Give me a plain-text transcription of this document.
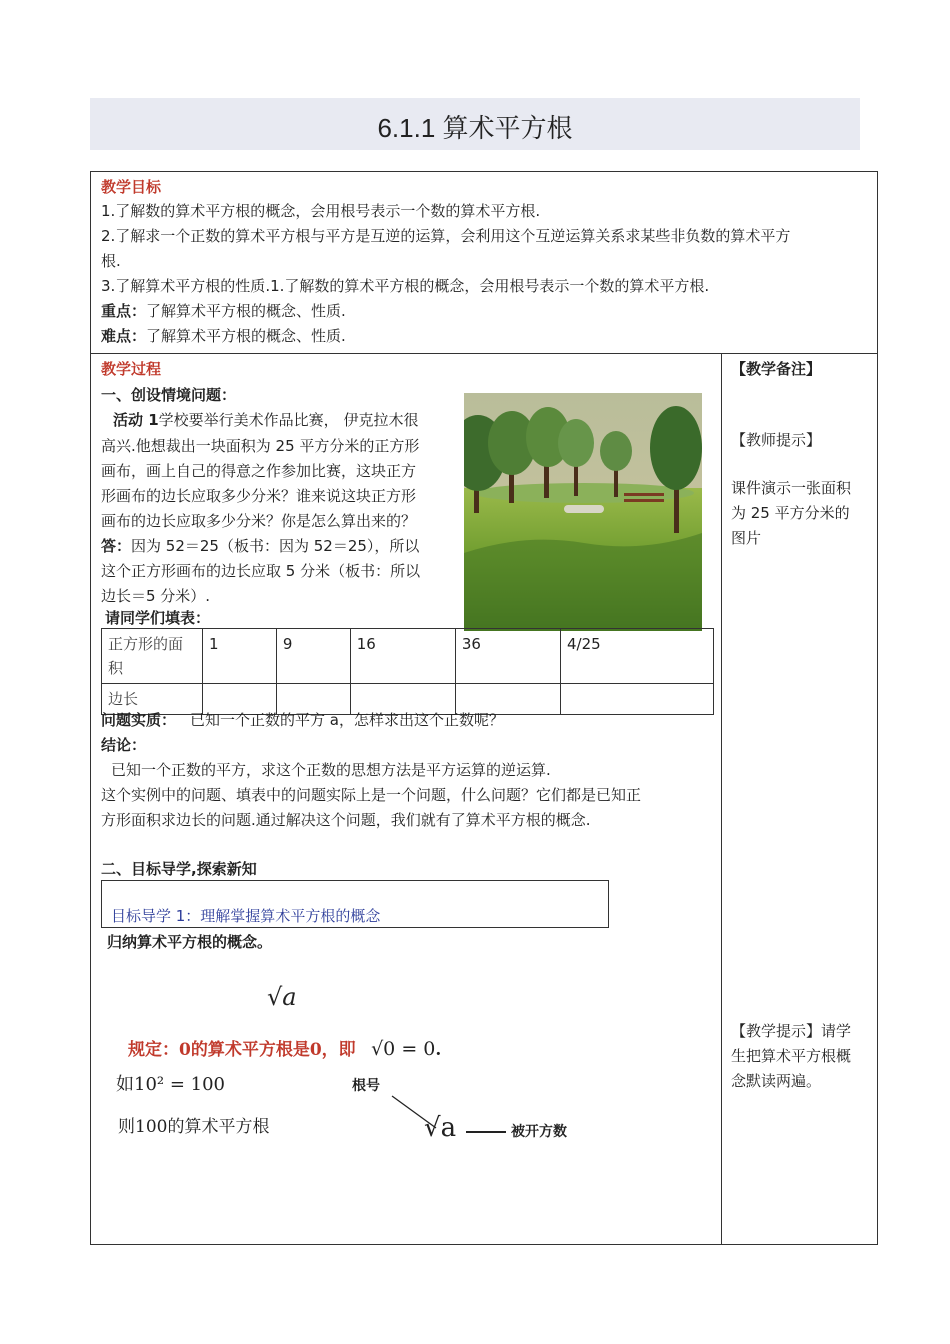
6.1.1 算术平方根
教学目标
1.了解数的算术平方根的概念，会用根号表示一个数的算术平方根.
2.了解求一个正数的算术平方根与平方是互逆的运算，会利用这个互逆运算关系求某些非负数的算术平方
根.
3.了解算术平方根的性质.1.了解数的算术平方根的概念，会用根号表示一个数的算术平方根.
重点：了解算术平方根的概念、性质.
难点：了解算术平方根的概念、性质.
教学过程
一、创设情境问题：
活动 1学校要举行美术作品比赛， 伊克拉木很
高兴.他想裁出一块面积为 25 平方分米的正方形
画布，画上自己的得意之作参加比赛，这块正方
形画布的边长应取多少分米？谁来说这块正方形
画布的边长应取多少分米？你是怎么算出来的？
答：因为 52＝25（板书：因为 52＝25），所以
这个正方形画布的边长应取 5 分米（板书：所以
边长＝5 分米）.
请同学们填表：
正方形的面积	1	9	16	36	4/25
边长					
问题实质： 已知一个正数的平方 a，怎样求出这个正数呢？
结论：
已知一个正数的平方，求这个正数的思想方法是平方运算的逆运算.
这个实例中的问题、填表中的问题实际上是一个问题，什么问题？它们都是已知正
方形面积求边长的问题.通过解决这个问题，我们就有了算术平方根的概念.
二、目标导学,探索新知
目标导学 1：理解掌握算术平方根的概念
归纳算术平方根的概念。
√a
规定：0的算术平方根是0，即 √0 = 0.
如10² = 100
则100的算术平方根
根号
√a	被开方数
【教学备注】
【教师提示】
课件演示一张面积
为 25 平方分米的
图片
【教学提示】请学
生把算术平方根概
念默读两遍。
